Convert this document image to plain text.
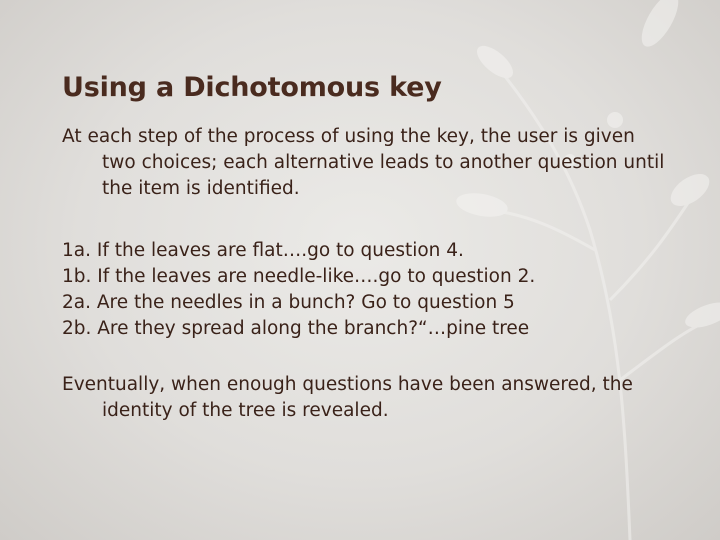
Using a Dichotomous key

At each step of the process of using the key, the user is given two choices; each alternative leads to another question until the item is identified.

1a. If the leaves are flat….go to question 4.

1b. If the leaves are needle-like….go to question 2.

2a. Are the needles in a bunch? Go to question 5

2b. Are they spread along the branch?“…pine tree

Eventually, when enough questions have been answered, the identity of the tree is revealed.
